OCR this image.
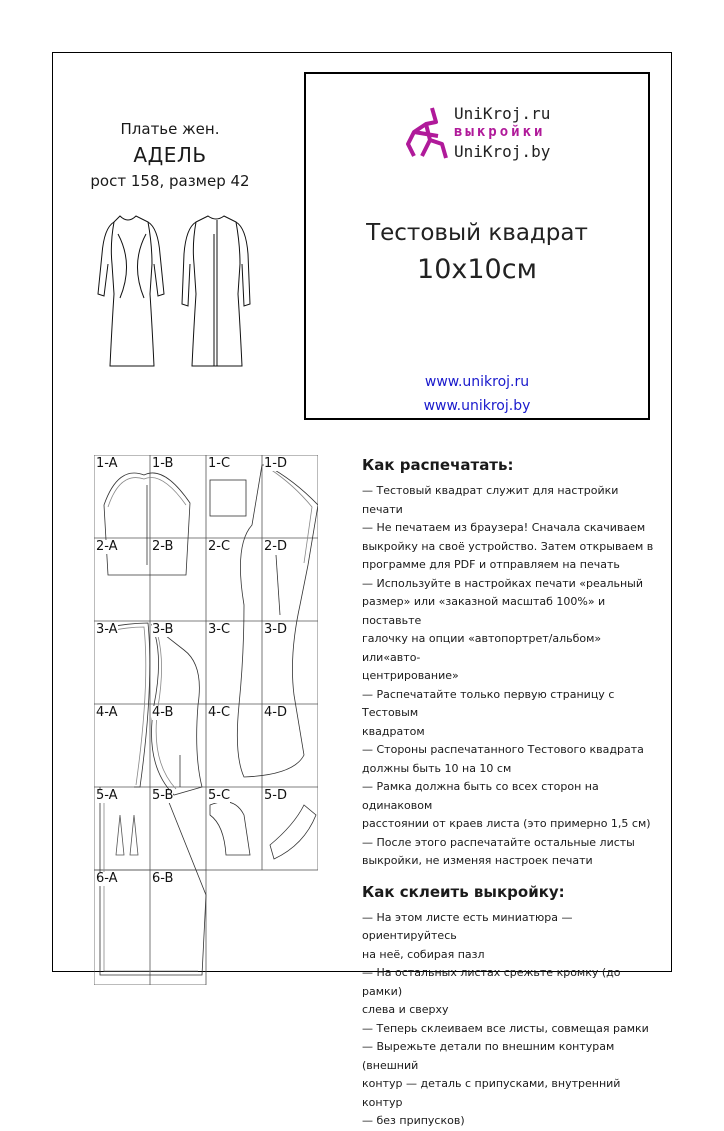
Платье жен.
АДЕЛЬ
рост 158, размер 42
UniKroj.ru
выкройки
UniKroj.by
Тестовый квадрат
10x10см
www.unikroj.ru
www.unikroj.by
1-A	1-B	1-C	1-D
2-A	2-B	2-C	2-D
3-A	3-B	3-C	3-D
4-A	4-B	4-C	4-D
5-A	5-B	5-C	5-D
6-A	6-B
Как распечатать:

— Тестовый квадрат служит для настройки печати

— Не печатаем из браузера! Сначала скачиваем

выкройку на своё устройство. Затем открываем в

программе для PDF и отправляем на печать

— Используйте в настройках печати «реальный

размер» или «заказной масштаб 100%» и поставьте

галочку на опции «автопортрет/альбом» или«авто-

центрирование»

— Распечатайте только первую страницу с Тестовым

квадратом

— Стороны распечатанного Тестового квадрата

должны быть 10 на 10 см

— Рамка должна быть со всех сторон на одинаковом

расстоянии от краев листа (это примерно 1,5 см)

— После этого распечатайте остальные листы

выкройки, не изменяя настроек печати

Как склеить выкройку:

— На этом листе есть миниатюра — ориентируйтесь

на неё, собирая пазл

— На остальных листах срежьте кромку (до рамки)

слева и сверху

— Теперь склеиваем все листы, совмещая рамки

— Вырежьте детали по внешним контурам (внешний

контур — деталь с припусками, внутренний контур

— без припусков)
